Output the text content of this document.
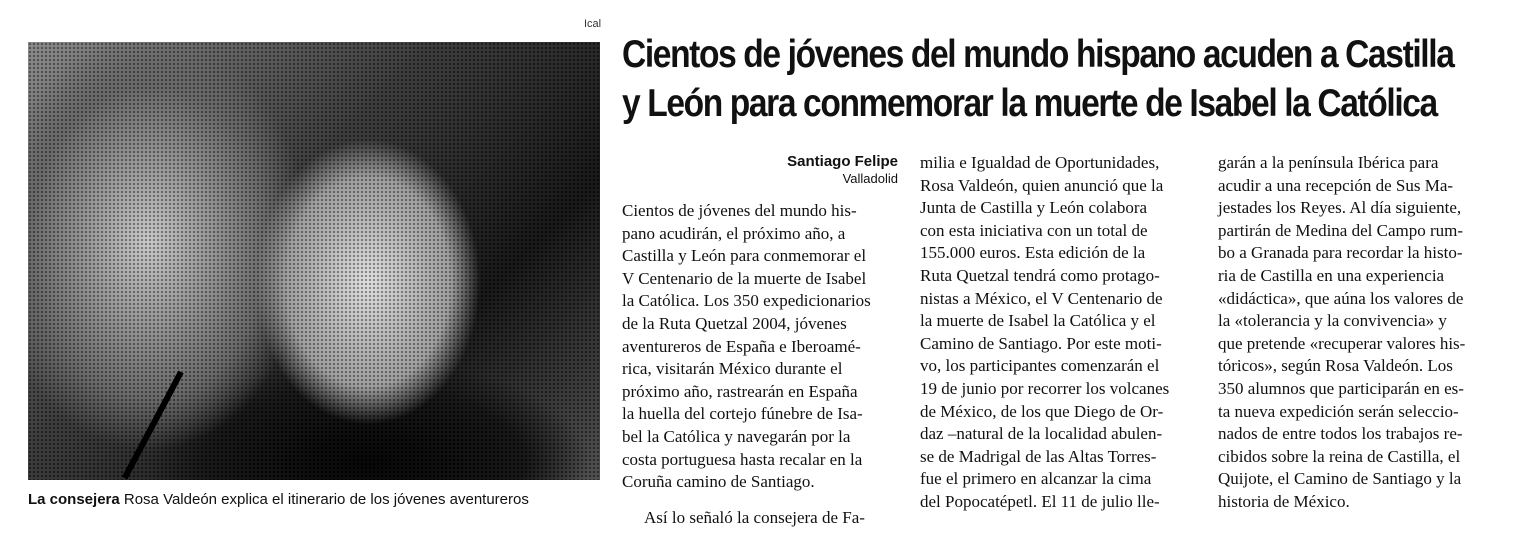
Ical
La consejera Rosa Valdeón explica el itinerario de los jóvenes aventureros
Cientos de jóvenes del mundo hispano acuden a Castilla
y León para conmemorar la muerte de Isabel la Católica
Santiago Felipe
Valladolid
Cientos de jóvenes del mundo his-
pano acudirán, el próximo año, a
Castilla y León para conmemorar el
V Centenario de la muerte de Isabel
la Católica. Los 350 expedicionarios
de la Ruta Quetzal 2004, jóvenes
aventureros de España e Iberoamé-
rica, visitarán México durante el
próximo año, rastrearán en España
la huella del cortejo fúnebre de Isa-
bel la Católica y navegarán por la
costa portuguesa hasta recalar en la
Coruña camino de Santiago.
Así lo señaló la consejera de Fa-
milia e Igualdad de Oportunidades,
Rosa Valdeón, quien anunció que la
Junta de Castilla y León colabora
con esta iniciativa con un total de
155.000 euros. Esta edición de la
Ruta Quetzal tendrá como protago-
nistas a México, el V Centenario de
la muerte de Isabel la Católica y el
Camino de Santiago. Por este moti-
vo, los participantes comenzarán el
19 de junio por recorrer los volcanes
de México, de los que Diego de Or-
daz –natural de la localidad abulen-
se de Madrigal de las Altas Torres-
fue el primero en alcanzar la cima
del Popocatépetl. El 11 de julio lle-
garán a la península Ibérica para
acudir a una recepción de Sus Ma-
jestades los Reyes. Al día siguiente,
partirán de Medina del Campo rum-
bo a Granada para recordar la histo-
ria de Castilla en una experiencia
«didáctica», que aúna los valores de
la «tolerancia y la convivencia» y
que pretende «recuperar valores his-
tóricos», según Rosa Valdeón. Los
350 alumnos que participarán en es-
ta nueva expedición serán seleccio-
nados de entre todos los trabajos re-
cibidos sobre la reina de Castilla, el
Quijote, el Camino de Santiago y la
historia de México.
